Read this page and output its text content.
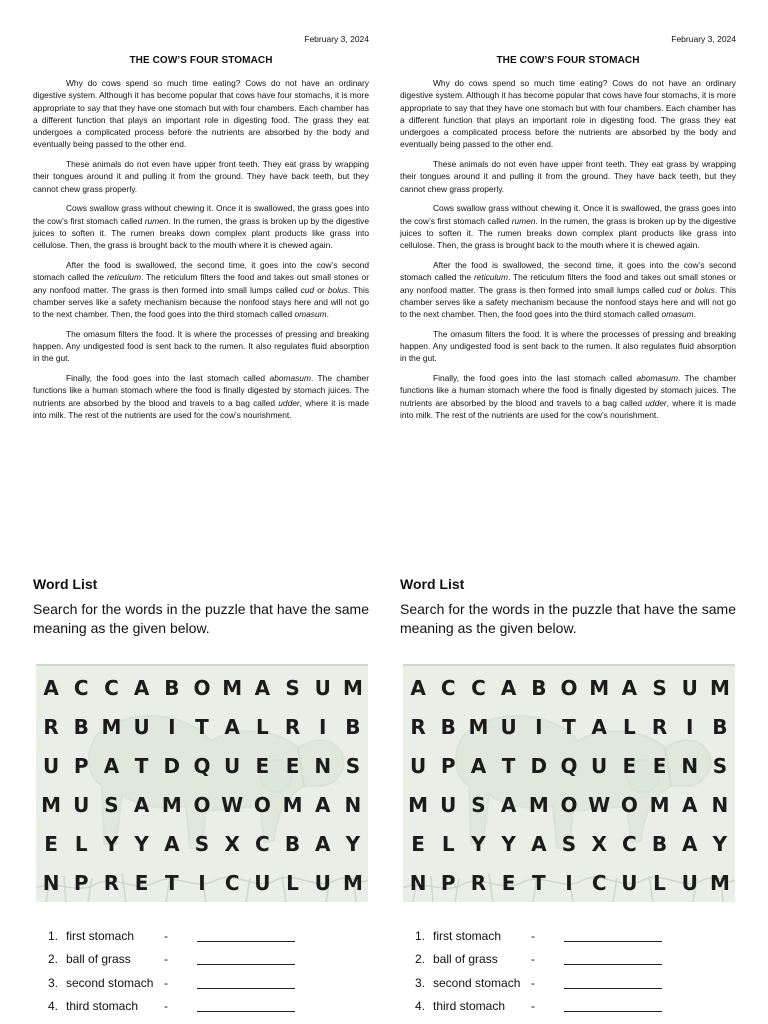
February 3, 2024
THE COW’S FOUR STOMACH

Why do cows spend so much time eating? Cows do not have an ordinary digestive system. Although it has become popular that cows have four stomachs, it is more appropriate to say that they have one stomach but with four chambers. Each chamber has a different function that plays an important role in digesting food. The grass they eat undergoes a complicated process before the nutrients are absorbed by the body and eventually being passed to the other end.

These animals do not even have upper front teeth. They eat grass by wrapping their tongues around it and pulling it from the ground. They have back teeth, but they cannot chew grass properly.

Cows swallow grass without chewing it. Once it is swallowed, the grass goes into the cow’s first stomach called rumen. In the rumen, the grass is broken up by the digestive juices to soften it. The rumen breaks down complex plant products like grass into cellulose. Then, the grass is brought back to the mouth where it is chewed again.

After the food is swallowed, the second time, it goes into the cow’s second stomach called the reticulum. The reticulum filters the food and takes out small stones or any nonfood matter. The grass is then formed into small lumps called cud or bolus. This chamber serves like a safety mechanism because the nonfood stays here and will not go to the next chamber. Then, the food goes into the third stomach called omasum.

The omasum filters the food. It is where the processes of pressing and breaking happen. Any undigested food is sent back to the rumen. It also regulates fluid absorption in the gut.

Finally, the food goes into the last stomach called abomasum. The chamber functions like a human stomach where the food is finally digested by stomach juices. The nutrients are absorbed by the blood and travels to a bag called udder, where it is made into milk. The rest of the nutrients are used for the cow’s nourishment.

Word List
Search for the words in the puzzle that have the same meaning as the given below.
A C C A B O M A S U M
R B M U I T A L R I B
U P A T D Q U E E N S
M U S A M O W O M A N
E L Y Y A S X C B A Y
N P R E T I C U L U M
1. first stomach -
2. ball of grass	-
3. second stomach -
4. third stomach -
February 3, 2024
THE COW’S FOUR STOMACH

Why do cows spend so much time eating? Cows do not have an ordinary digestive system. Although it has become popular that cows have four stomachs, it is more appropriate to say that they have one stomach but with four chambers. Each chamber has a different function that plays an important role in digesting food. The grass they eat undergoes a complicated process before the nutrients are absorbed by the body and eventually being passed to the other end.

These animals do not even have upper front teeth. They eat grass by wrapping their tongues around it and pulling it from the ground. They have back teeth, but they cannot chew grass properly.

Cows swallow grass without chewing it. Once it is swallowed, the grass goes into the cow’s first stomach called rumen. In the rumen, the grass is broken up by the digestive juices to soften it. The rumen breaks down complex plant products like grass into cellulose. Then, the grass is brought back to the mouth where it is chewed again.

After the food is swallowed, the second time, it goes into the cow’s second stomach called the reticulum. The reticulum filters the food and takes out small stones or any nonfood matter. The grass is then formed into small lumps called cud or bolus. This chamber serves like a safety mechanism because the nonfood stays here and will not go to the next chamber. Then, the food goes into the third stomach called omasum.

The omasum filters the food. It is where the processes of pressing and breaking happen. Any undigested food is sent back to the rumen. It also regulates fluid absorption in the gut.

Finally, the food goes into the last stomach called abomasum. The chamber functions like a human stomach where the food is finally digested by stomach juices. The nutrients are absorbed by the blood and travels to a bag called udder, where it is made into milk. The rest of the nutrients are used for the cow’s nourishment.

Word List
Search for the words in the puzzle that have the same meaning as the given below.
A C C A B O M A S U M
R B M U I T A L R I B
U P A T D Q U E E N S
M U S A M O W O M A N
E L Y Y A S X C B A Y
N P R E T I C U L U M
1. first stomach -
2. ball of grass	-
3. second stomach -
4. third stomach -
